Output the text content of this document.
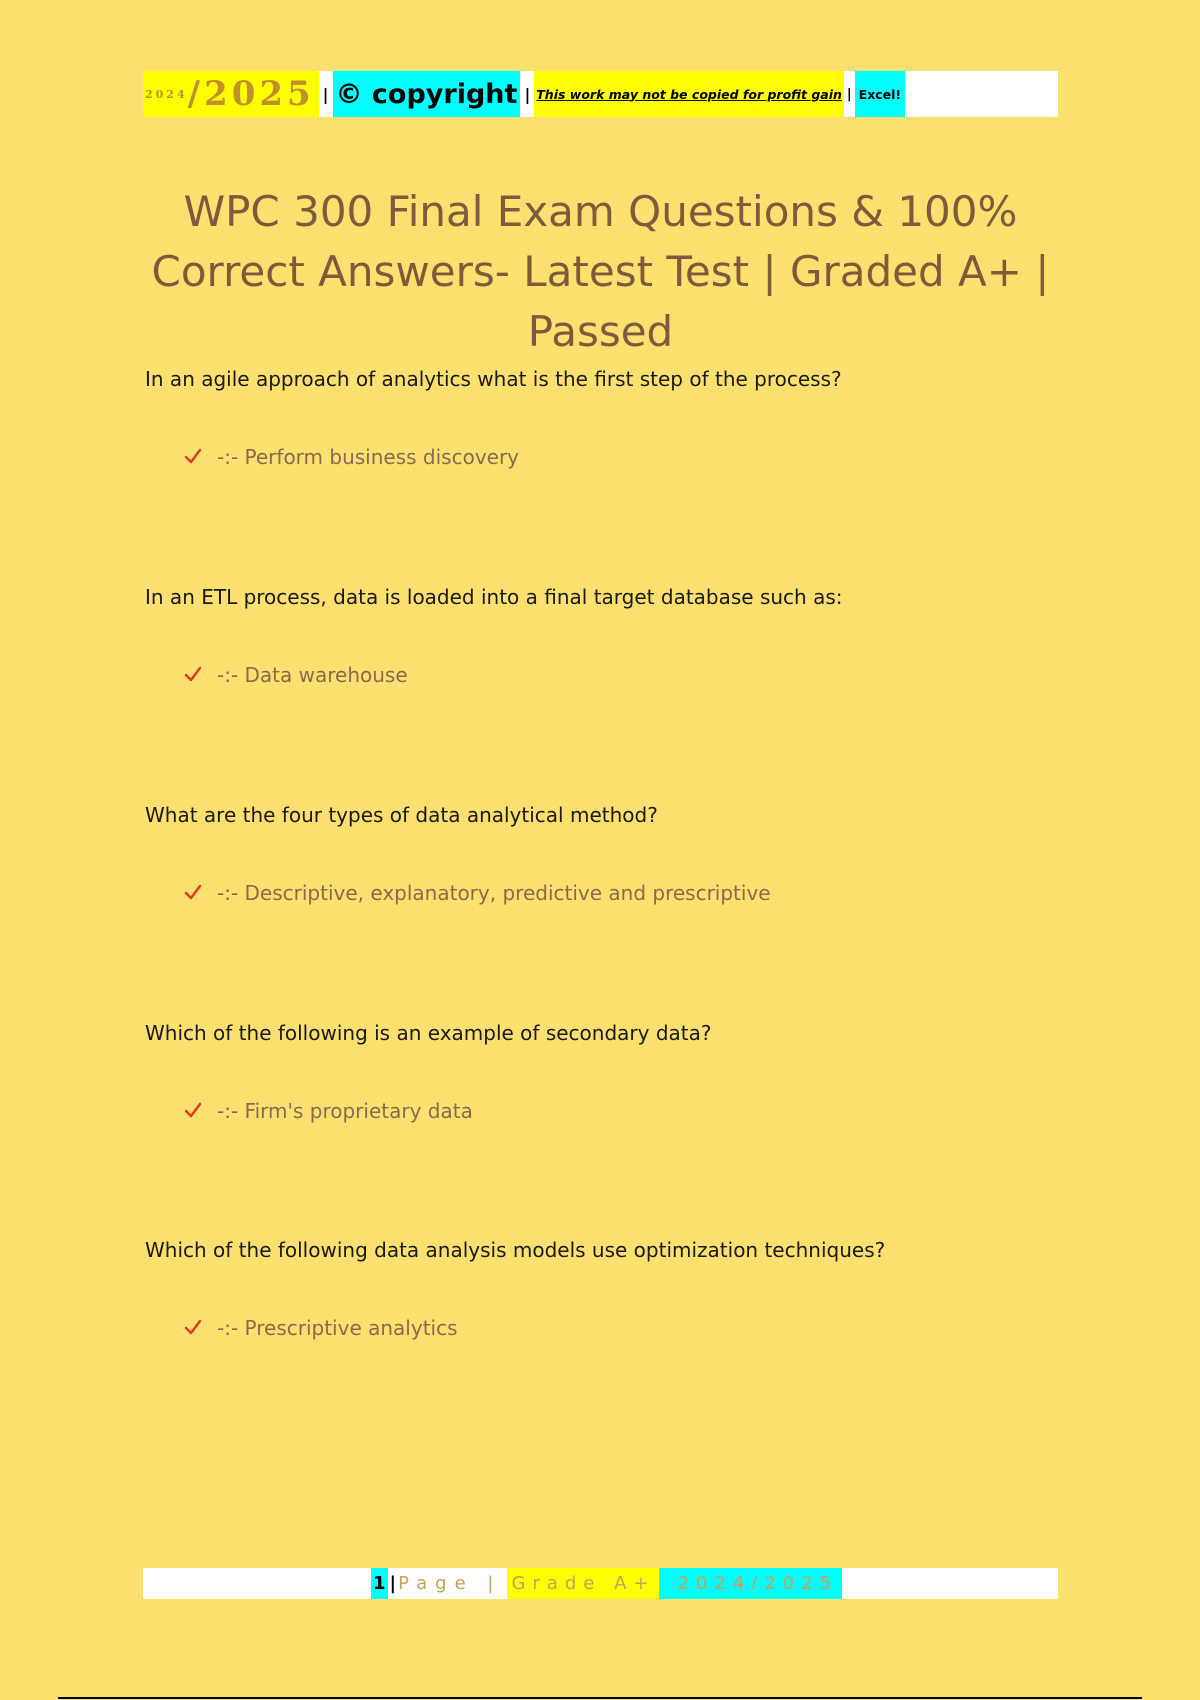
2024 /2025 | © copyright | This work may not be copied for profit gain | Excel!
WPC 300 Final Exam Questions & 100% Correct Answers- Latest Test | Graded A+ | Passed

In an agile approach of analytics what is the first step of the process?

-:- Perform business discovery

In an ETL process, data is loaded into a final target database such as:

-:- Data warehouse

What are the four types of data analytical method?

-:- Descriptive, explanatory, predictive and prescriptive

Which of the following is an example of secondary data?

-:- Firm's proprietary data

Which of the following data analysis models use optimization techniques?

-:- Prescriptive analytics
1 | Page | Grade A+	2024/2025
